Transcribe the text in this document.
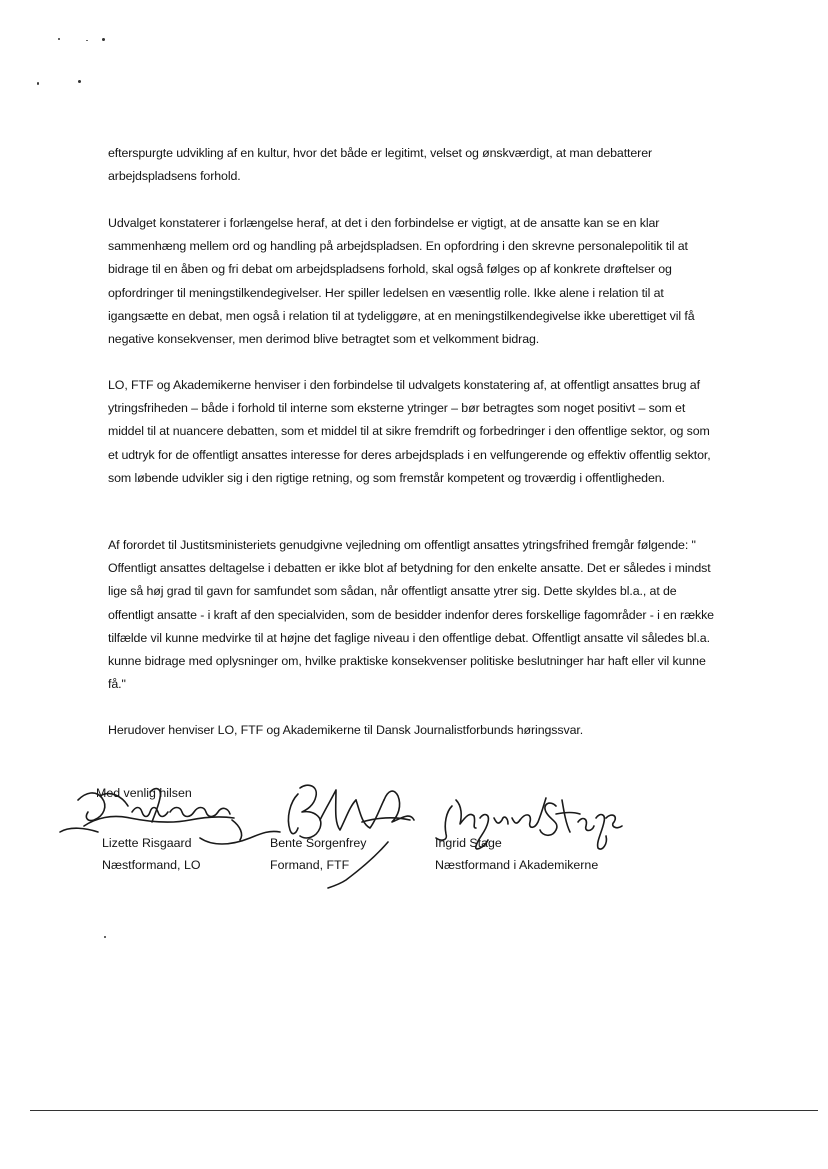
efterspurgte udvikling af en kultur, hvor det både er legitimt, velset og ønskværdigt, at man debatterer arbejdspladsens forhold.

Udvalget konstaterer i forlængelse heraf, at det i den forbindelse er vigtigt, at de ansatte kan se en klar sammenhæng mellem ord og handling på arbejdspladsen. En opfordring i den skrevne personalepolitik til at bidrage til en åben og fri debat om arbejdspladsens forhold, skal også følges op af konkrete drøftelser og opfordringer til meningstilkendegivelser. Her spiller ledelsen en væsentlig rolle. Ikke alene i relation til at igangsætte en debat, men også i relation til at tydeliggøre, at en meningstilkendegivelse ikke uberettiget vil få negative konsekvenser, men derimod blive betragtet som et velkomment bidrag.

LO, FTF og Akademikerne henviser i den forbindelse til udvalgets konstatering af, at offentligt ansattes brug af ytringsfriheden – både i forhold til interne som eksterne ytringer – bør betragtes som noget positivt – som et middel til at nuancere debatten, som et middel til at sikre fremdrift og forbedringer i den offentlige sektor, og som et udtryk for de offentligt ansattes interesse for deres arbejdsplads i en velfungerende og effektiv offentlig sektor, som løbende udvikler sig i den rigtige retning, og som fremstår kompetent og troværdig i offentligheden.

Af forordet til Justitsministeriets genudgivne vejledning om offentligt ansattes ytringsfrihed fremgår følgende: " Offentligt ansattes deltagelse i debatten er ikke blot af betydning for den enkelte ansatte. Det er således i mindst lige så høj grad til gavn for samfundet som sådan, når offentligt ansatte ytrer sig. Dette skyldes bl.a., at de offentligt ansatte - i kraft af den specialviden, som de besidder indenfor deres forskellige fagområder - i en række tilfælde vil kunne medvirke til at højne det faglige niveau i den offentlige debat. Offentligt ansatte vil således bl.a. kunne bidrage med oplysninger om, hvilke praktiske konsekvenser politiske beslutninger har haft eller vil kunne få."

Herudover henviser LO, FTF og Akademikerne til Dansk Journalistforbunds høringssvar.

Med venlig hilsen
Lizette Risgaard
Næstformand, LO
Bente Sorgenfrey
Formand, FTF
Ingrid Stage
Næstformand i Akademikerne
